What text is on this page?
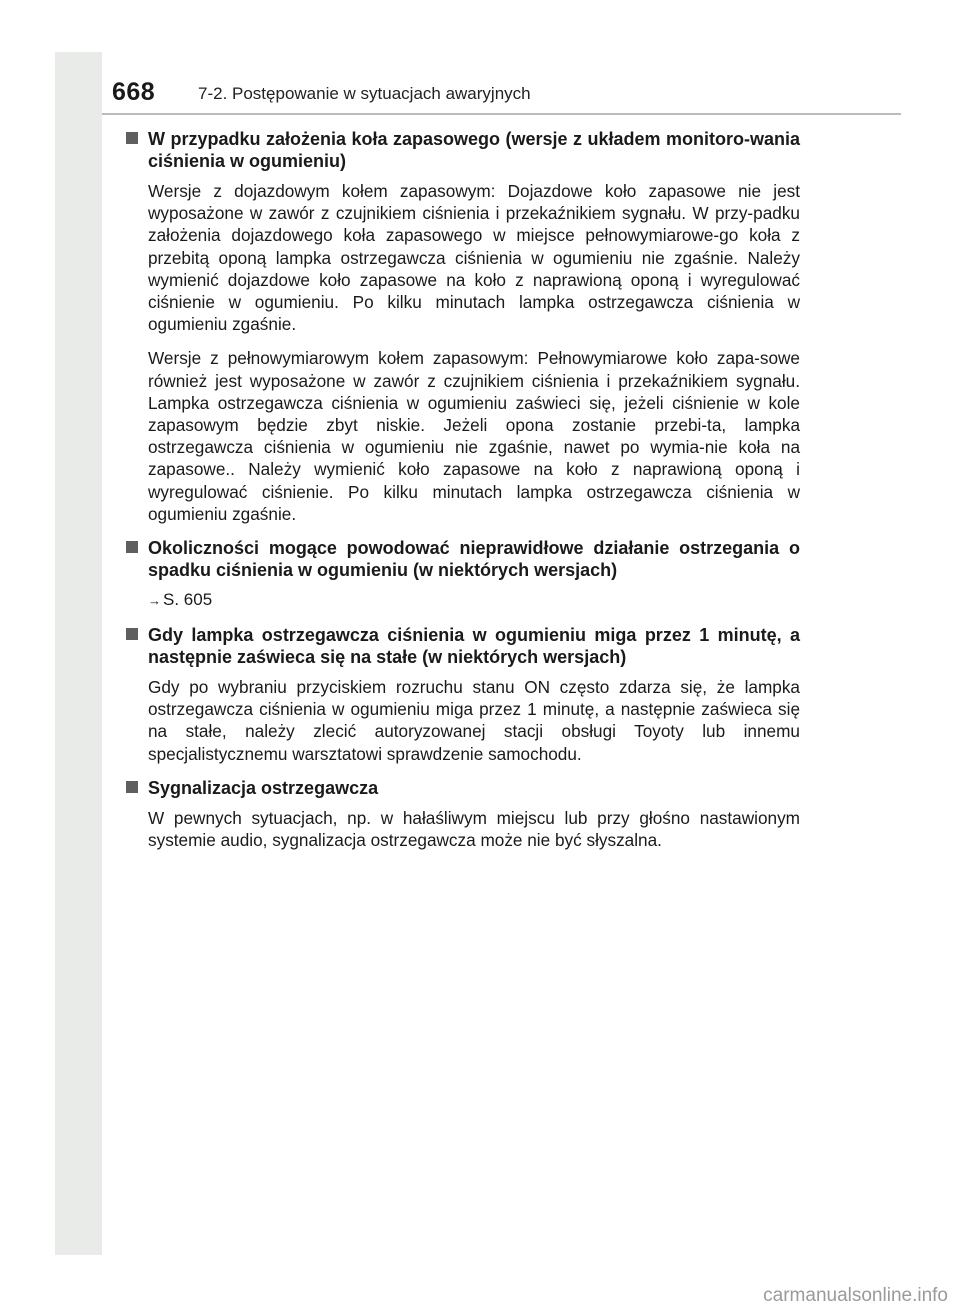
668	7-2. Postępowanie w sytuacjach awaryjnych
W przypadku założenia koła zapasowego (wersje z układem monitoro-wania ciśnienia w ogumieniu)

Wersje z dojazdowym kołem zapasowym: Dojazdowe koło zapasowe nie jest wyposażone w zawór z czujnikiem ciśnienia i przekaźnikiem sygnału. W przy-padku założenia dojazdowego koła zapasowego w miejsce pełnowymiarowe-go koła z przebitą oponą lampka ostrzegawcza ciśnienia w ogumieniu nie zgaśnie. Należy wymienić dojazdowe koło zapasowe na koło z naprawioną oponą i wyregulować ciśnienie w ogumieniu. Po kilku minutach lampka ostrzegawcza ciśnienia w ogumieniu zgaśnie.

Wersje z pełnowymiarowym kołem zapasowym: Pełnowymiarowe koło zapa-sowe również jest wyposażone w zawór z czujnikiem ciśnienia i przekaźnikiem sygnału. Lampka ostrzegawcza ciśnienia w ogumieniu zaświeci się, jeżeli ciśnienie w kole zapasowym będzie zbyt niskie. Jeżeli opona zostanie przebi-ta, lampka ostrzegawcza ciśnienia w ogumieniu nie zgaśnie, nawet po wymia-nie koła na zapasowe.. Należy wymienić koło zapasowe na koło z naprawioną oponą i wyregulować ciśnienie. Po kilku minutach lampka ostrzegawcza ciśnienia w ogumieniu zgaśnie.

Okoliczności mogące powodować nieprawidłowe działanie ostrzegania o spadku ciśnienia w ogumieniu (w niektórych wersjach)
→ S. 605
Gdy lampka ostrzegawcza ciśnienia w ogumieniu miga przez 1 minutę, a następnie zaświeca się na stałe (w niektórych wersjach)

Gdy po wybraniu przyciskiem rozruchu stanu ON często zdarza się, że lampka ostrzegawcza ciśnienia w ogumieniu miga przez 1 minutę, a następnie zaświeca się na stałe, należy zlecić autoryzowanej stacji obsługi Toyoty lub innemu specjalistycznemu warsztatowi sprawdzenie samochodu.

Sygnalizacja ostrzegawcza

W pewnych sytuacjach, np. w hałaśliwym miejscu lub przy głośno nastawionym systemie audio, sygnalizacja ostrzegawcza może nie być słyszalna.

carmanualsonline.info
